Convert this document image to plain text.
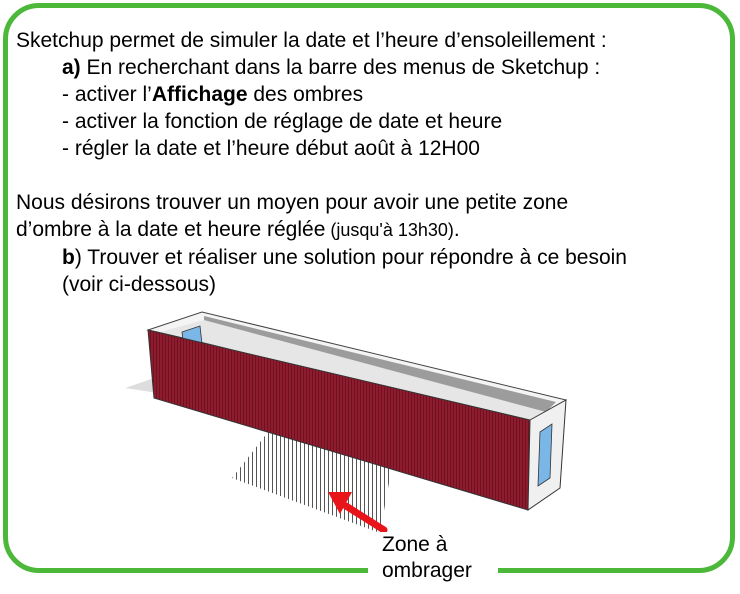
Sketchup permet de simuler la date et l’heure d’ensoleillement :
a) En recherchant dans la barre des menus de Sketchup :
- activer l’Affichage des ombres
- activer la fonction de réglage de date et heure
- régler la date et l’heure début août à 12H00
Nous désirons trouver un moyen pour avoir une petite zone
d’ombre à la date et heure réglée (jusqu'à 13h30).
b) Trouver et réaliser une solution pour répondre à ce besoin
(voir ci-dessous)
Zone à
ombrager
